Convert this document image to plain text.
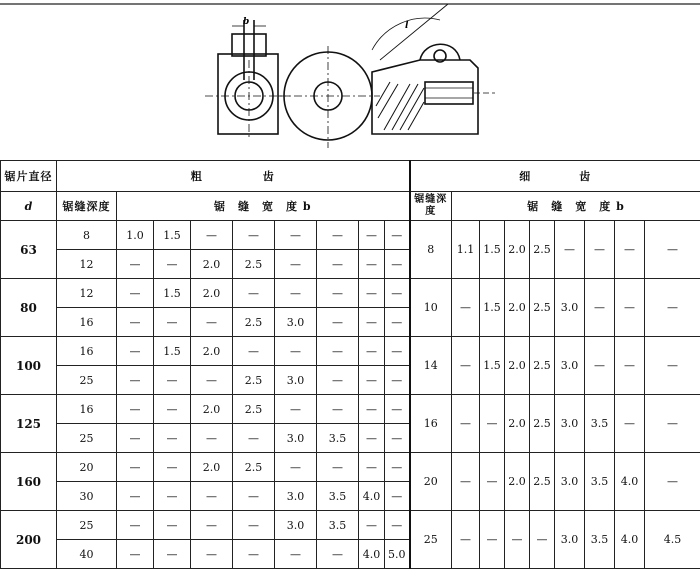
b	l
锯片直径	粗　　　　　齿									细　　　　齿								
d	锯缝深度	锯　缝　宽　度 b								锯缝深度	锯　缝　宽　度 b							
63	8	1.0	1.5	—	—	—	—	—	—	8	1.1	1.5	2.0	2.5	—	—	—	—
	12	—	—	2.0	2.5	—	—	—	—									
80	12	—	1.5	2.0	—	—	—	—	—	10	—	1.5	2.0	2.5	3.0	—	—	—
	16	—	—	—	2.5	3.0	—	—	—									
100	16	—	1.5	2.0	—	—	—	—	—	14	—	1.5	2.0	2.5	3.0	—	—	—
	25	—	—	—	2.5	3.0	—	—	—									
125	16	—	—	2.0	2.5	—	—	—	—	16	—	—	2.0	2.5	3.0	3.5	—	—
	25	—	—	—	—	3.0	3.5	—	—									
160	20	—	—	2.0	2.5	—	—	—	—	20	—	—	2.0	2.5	3.0	3.5	4.0	—
	30	—	—	—	—	3.0	3.5	4.0	—									
200	25	—	—	—	—	3.0	3.5	—	—	25	—	—	—	—	3.0	3.5	4.0	4.5
	40	—	—	—	—	—	—	4.0	5.0									
